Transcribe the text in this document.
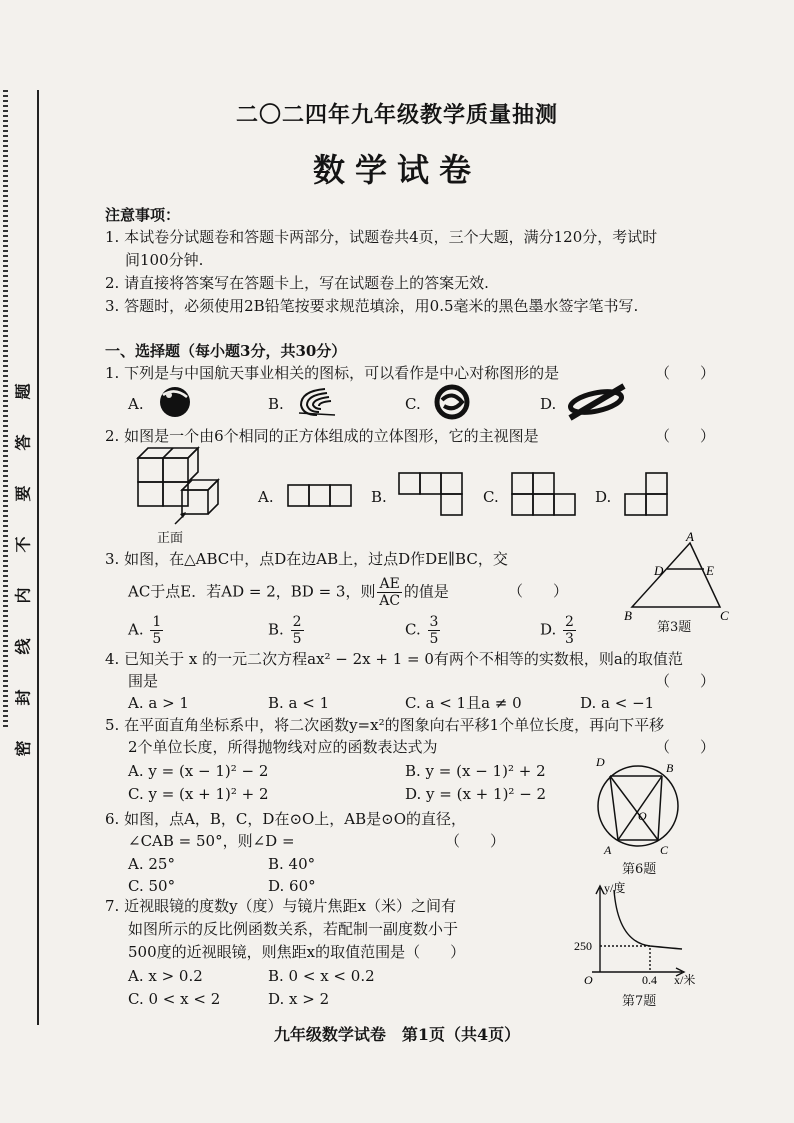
题
答
要
不
内
线
封
密
二〇二四年九年级教学质量抽测
数学试卷
注意事项：
1. 本试卷分试题卷和答题卡两部分，试题卷共4页，三个大题，满分120分，考试时
间100分钟.
2. 请直接将答案写在答题卡上，写在试题卷上的答案无效.
3. 答题时，必须使用2B铅笔按要求规范填涂，用0.5毫米的黑色墨水签字笔书写.
一、选择题（每小题3分，共30分）
1. 下列是与中国航天事业相关的图标，可以看作是中心对称图形的是	（　　）
A.	B.	C.	D.
2. 如图是一个由6个相同的正方体组成的立体图形，它的主视图是	（　　）
正面
A.	B.	C.	D.
3. 如图，在△ABC中，点D在边AB上，过点D作DE∥BC，交
AC于点E．若AD = 2，BD = 3，则 $\frac{AE}{AC}$ 的值是	（　　）
A. $\frac{1}{5}$	B. $\frac{2}{5}$	C. $\frac{3}{5}$	D. $\frac{2}{3}$
A
D	E
B	C
第3题
4. 已知关于 x 的一元二次方程ax² − 2x + 1 = 0有两个不相等的实数根，则a的取值范
围是	（　　）
A. a > 1	B. a < 1	C. a < 1且a ≠ 0	D. a < −1
5. 在平面直角坐标系中，将二次函数y=x²的图象向右平移1个单位长度，再向下平移
2个单位长度，所得抛物线对应的函数表达式为	（　　）
A. y = (x − 1)² − 2	B. y = (x − 1)² + 2
C. y = (x + 1)² + 2	D. y = (x + 1)² − 2
6. 如图，点A，B，C，D在⊙O上，AB是⊙O的直径，
∠CAB = 50°，则∠D =	（　　）
A. 25°	B. 40°
C. 50°	D. 60°
D	B
O
A	C
第6题
7. 近视眼镜的度数y（度）与镜片焦距x（米）之间有
如图所示的反比例函数关系，若配制一副度数小于
500度的近视眼镜，则焦距x的取值范围是（　　）
A. x > 0.2	B. 0 < x < 0.2
C. 0 < x < 2	D. x > 2
y/度
x/米
O
250
0.4
第7题
九年级数学试卷　第1页（共4页）
